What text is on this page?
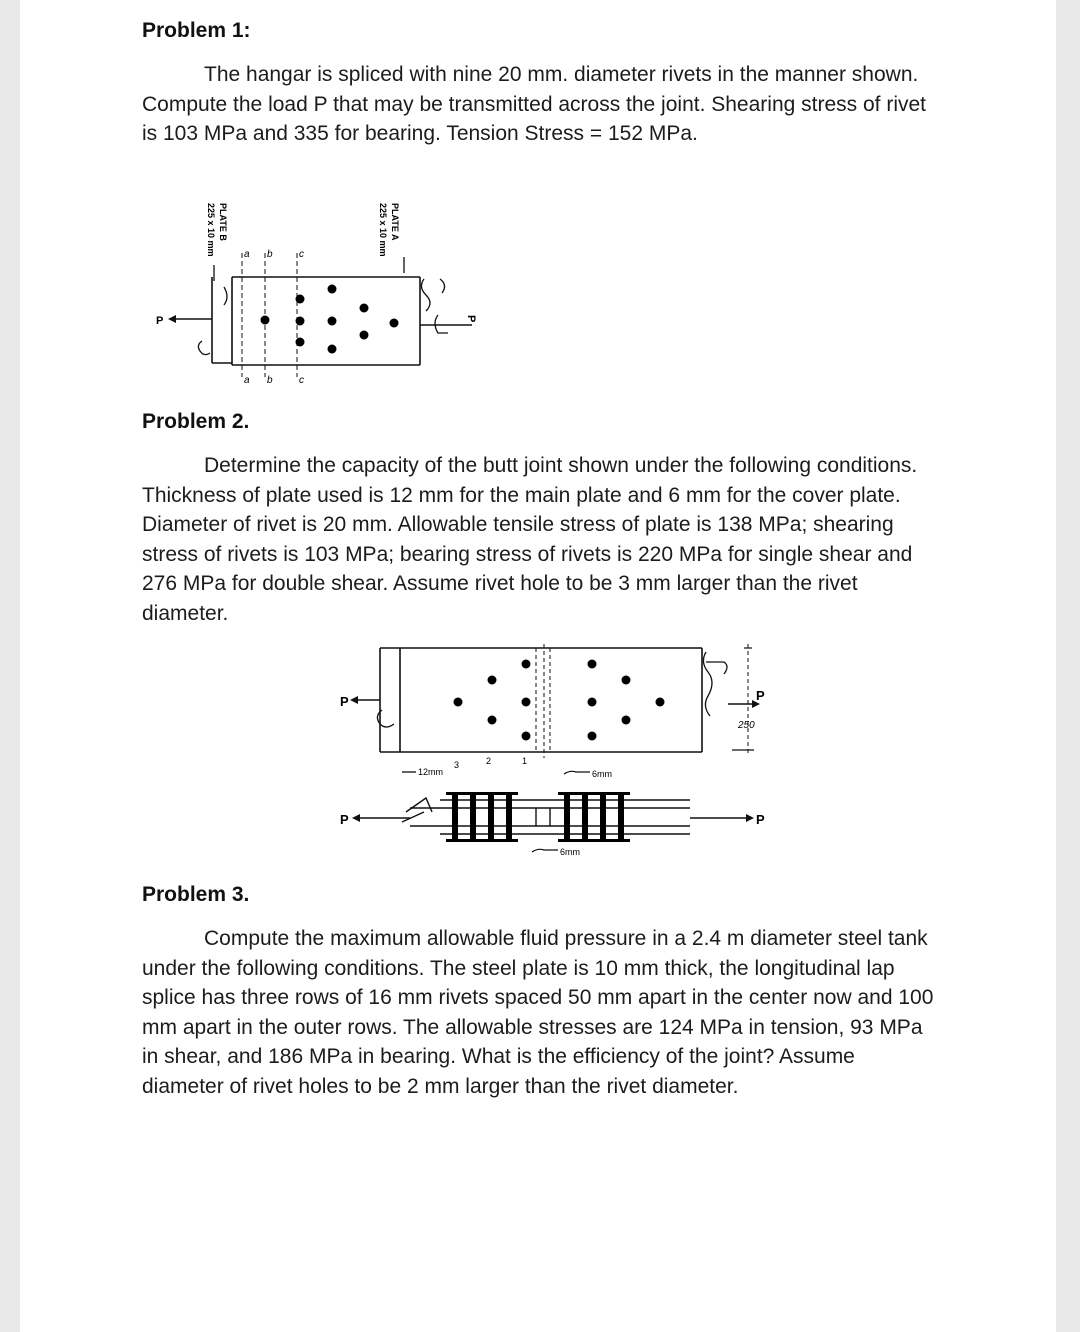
Problem 1:

The hangar is spliced with nine 20 mm. diameter rivets in the manner shown. Compute the load P that may be transmitted across the joint. Shearing stress of rivet is 103 MPa and 335 for bearing. Tension Stress = 152 MPa.

PLATE B
225 x 10 mm	PLATE A
225 x 10 mm
a b	c
a b	c
P	P
Problem 2.

Determine the capacity of the butt joint shown under the following conditions. Thickness of plate used is 12 mm for the main plate and 6 mm for the cover plate. Diameter of rivet is 20 mm. Allowable tensile stress of plate is 138 MPa; shearing stress of rivets is 103 MPa; bearing stress of rivets is 220 MPa for single shear and 276 MPa for double shear. Assume rivet hole to be 3 mm larger than the rivet diameter.

P	P
250
3	2	1
12mm	6mm
P	P
6mm
Problem 3.

Compute the maximum allowable fluid pressure in a 2.4 m diameter steel tank under the following conditions. The steel plate is 10 mm thick, the longitudinal lap splice has three rows of 16 mm rivets spaced 50 mm apart in the center now and 100 mm apart in the outer rows. The allowable stresses are 124 MPa in tension, 93 MPa in shear, and 186 MPa in bearing. What is the efficiency of the joint? Assume diameter of rivet holes to be 2 mm larger than the rivet diameter.
